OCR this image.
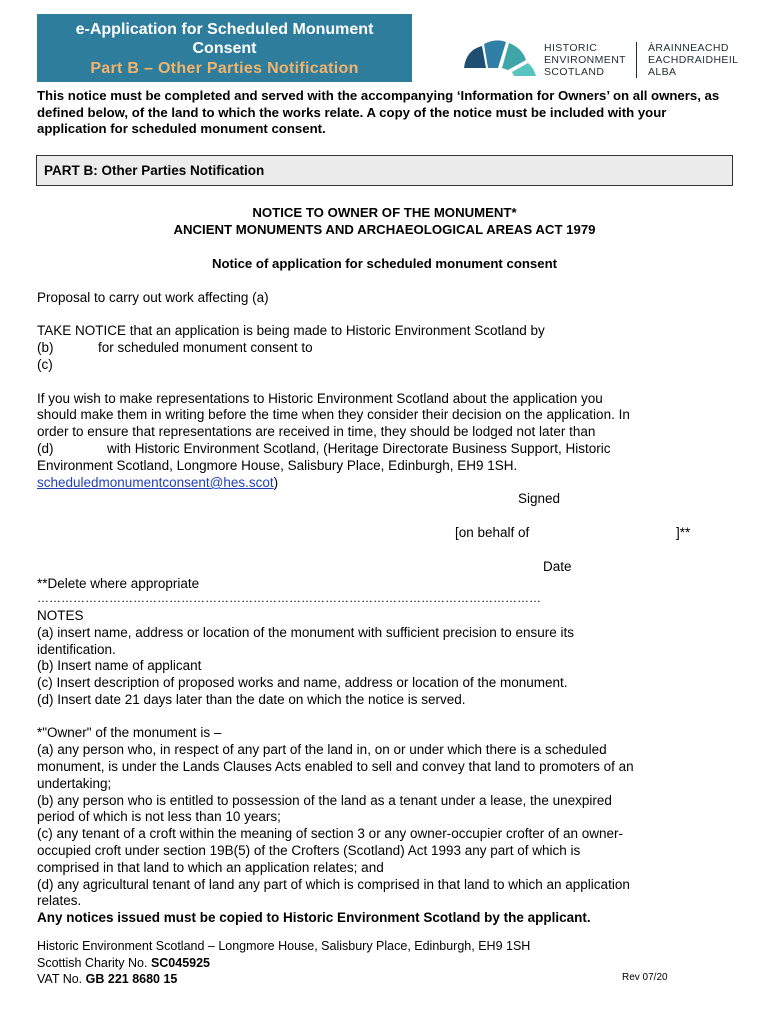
e-Application for Scheduled Monument
Consent
Part B – Other Parties Notification
HISTORIC
ENVIRONMENT
SCOTLAND
ÀRAINNEACHD
EACHDRAIDHEIL
ALBA
This notice must be completed and served with the accompanying ‘Information for Owners’ on all owners, as defined below, of the land to which the works relate. A copy of the notice must be included with your application for scheduled monument consent.
PART B: Other Parties Notification
NOTICE TO OWNER OF THE MONUMENT*
ANCIENT MONUMENTS AND ARCHAEOLOGICAL AREAS ACT 1979
Notice of application for scheduled monument consent
Proposal to carry out work affecting (a)
TAKE NOTICE that an application is being made to Historic Environment Scotland by
(b)	for scheduled monument consent to
(c)
If you wish to make representations to Historic Environment Scotland about the application you
should make them in writing before the time when they consider their decision on the application. In
order to ensure that representations are received in time, they should be lodged not later than
(d)	with Historic Environment Scotland, (Heritage Directorate Business Support, Historic
Environment Scotland, Longmore House, Salisbury Place, Edinburgh, EH9 1SH.
scheduledmonumentconsent@hes.scot)
Signed
[on behalf of	]**
Date
**Delete where appropriate
………………………………………………………………………………………………………………
NOTES
(a) insert name, address or location of the monument with sufficient precision to ensure its
identification.
(b) Insert name of applicant
(c) Insert description of proposed works and name, address or location of the monument.
(d) Insert date 21 days later than the date on which the notice is served.
*"Owner" of the monument is –
(a) any person who, in respect of any part of the land in, on or under which there is a scheduled
monument, is under the Lands Clauses Acts enabled to sell and convey that land to promoters of an
undertaking;
(b) any person who is entitled to possession of the land as a tenant under a lease, the unexpired
period of which is not less than 10 years;
(c) any tenant of a croft within the meaning of section 3 or any owner-occupier crofter of an owner-
occupied croft under section 19B(5) of the Crofters (Scotland) Act 1993 any part of which is
comprised in that land to which an application relates; and
(d) any agricultural tenant of land any part of which is comprised in that land to which an application
relates.
Any notices issued must be copied to Historic Environment Scotland by the applicant.
Historic Environment Scotland – Longmore House, Salisbury Place, Edinburgh, EH9 1SH
Scottish Charity No. SC045925
VAT No. GB 221 8680 15	Rev 07/20
